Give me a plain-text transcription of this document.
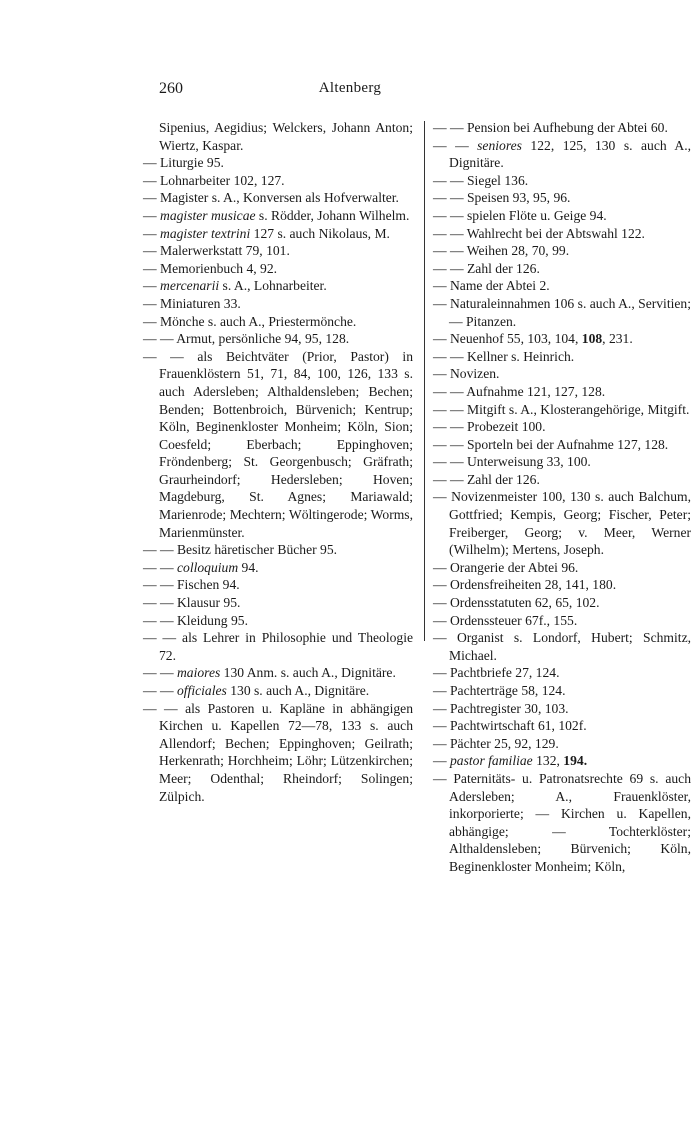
260	Altenberg

Sipenius, Aegidius; Welckers, Johann Anton; Wiertz, Kaspar.

— Liturgie 95.

— Lohnarbeiter 102, 127.

— Magister s. A., Konversen als Hofverwalter.

— magister musicae s. Rödder, Johann Wilhelm.

— magister textrini 127 s. auch Nikolaus, M.

— Malerwerkstatt 79, 101.

— Memorienbuch 4, 92.

— mercenarii s. A., Lohnarbeiter.

— Miniaturen 33.

— Mönche s. auch A., Priestermönche.

— — Armut, persönliche 94, 95, 128.

— — als Beichtväter (Prior, Pastor) in Frauenklöstern 51, 71, 84, 100, 126, 133 s. auch Adersleben; Althaldensleben; Bechen; Benden; Bottenbroich, Bürvenich; Kentrup; Köln, Beginenkloster Monheim; Köln, Sion; Coesfeld; Eberbach; Eppinghoven; Fröndenberg; St. Georgenbusch; Gräfrath; Graurheindorf; Hedersleben; Hoven; Magdeburg, St. Agnes; Mariawald; Marienrode; Mechtern; Wöltingerode; Worms, Marienmünster.

— — Besitz häretischer Bücher 95.

— — colloquium 94.

— — Fischen 94.

— — Klausur 95.

— — Kleidung 95.

— — als Lehrer in Philosophie und Theologie 72.

— — maiores 130 Anm. s. auch A., Dignitäre.

— — officiales 130 s. auch A., Dignitäre.

— — als Pastoren u. Kapläne in abhängigen Kirchen u. Kapellen 72—78, 133 s. auch Allendorf; Bechen; Eppinghoven; Geilrath; Herkenrath; Horchheim; Löhr; Lützenkirchen; Meer; Odenthal; Rheindorf; Solingen; Zülpich.

— — Pension bei Aufhebung der Abtei 60.

— — seniores 122, 125, 130 s. auch A., Dignitäre.

— — Siegel 136.

— — Speisen 93, 95, 96.

— — spielen Flöte u. Geige 94.

— — Wahlrecht bei der Abtswahl 122.

— — Weihen 28, 70, 99.

— — Zahl der 126.

— Name der Abtei 2.

— Naturaleinnahmen 106 s. auch A., Servitien; — Pitanzen.

— Neuenhof 55, 103, 104, 108, 231.

— — Kellner s. Heinrich.

— Novizen.

— — Aufnahme 121, 127, 128.

— — Mitgift s. A., Klosterangehörige, Mitgift.

— — Probezeit 100.

— — Sporteln bei der Aufnahme 127, 128.

— — Unterweisung 33, 100.

— — Zahl der 126.

— Novizenmeister 100, 130 s. auch Balchum, Gottfried; Kempis, Georg; Fischer, Peter; Freiberger, Georg; v. Meer, Werner (Wilhelm); Mertens, Joseph.

— Orangerie der Abtei 96.

— Ordensfreiheiten 28, 141, 180.

— Ordensstatuten 62, 65, 102.

— Ordenssteuer 67f., 155.

— Organist s. Londorf, Hubert; Schmitz, Michael.

— Pachtbriefe 27, 124.

— Pachterträge 58, 124.

— Pachtregister 30, 103.

— Pachtwirtschaft 61, 102f.

— Pächter 25, 92, 129.

— pastor familiae 132, 194.

— Paternitäts- u. Patronatsrechte 69 s. auch Adersleben; A., Frauenklöster, inkorporierte; — Kirchen u. Kapellen, abhängige; — Tochterklöster; Althaldensleben; Bürvenich; Köln, Beginenkloster Monheim; Köln,
